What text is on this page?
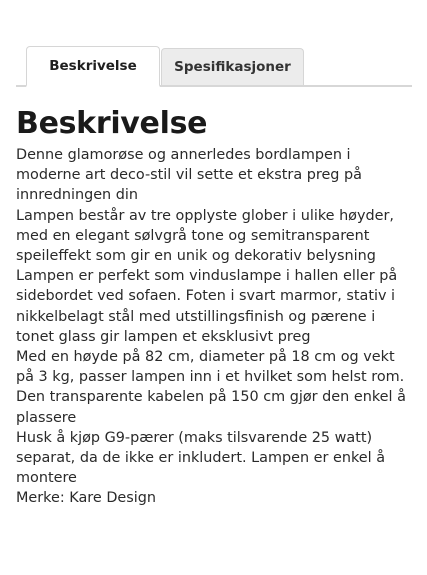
Beskrivelse	Spesifikasjoner
Beskrivelse

Denne glamorøse og annerledes bordlampen i
moderne art deco-stil vil sette et ekstra preg på
innredningen din

Lampen består av tre opplyste glober i ulike høyder,
med en elegant sølvgrå tone og semitransparent
speileffekt som gir en unik og dekorativ belysning

Lampen er perfekt som vinduslampe i hallen eller på
sidebordet ved sofaen. Foten i svart marmor, stativ i
nikkelbelagt stål med utstillingsfinish og pærene i
tonet glass gir lampen et eksklusivt preg

Med en høyde på 82 cm, diameter på 18 cm og vekt
på 3 kg, passer lampen inn i et hvilket som helst rom.

Den transparente kabelen på 150 cm gjør den enkel å
plassere

Husk å kjøp G9-pærer (maks tilsvarende 25 watt)
separat, da de ikke er inkludert. Lampen er enkel å
montere

Merke: Kare Design
